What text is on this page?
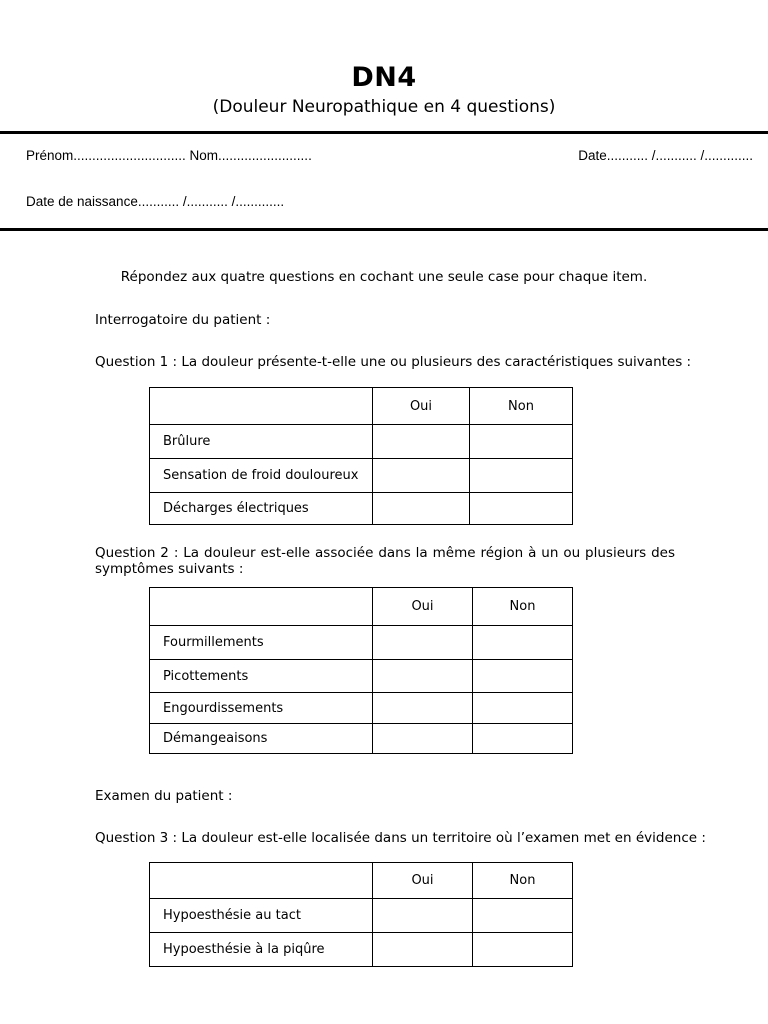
DN4
(Douleur Neuropathique en 4 questions)
Prénom.............................. Nom.........................	Date........... /........... /.............
Date de naissance........... /........... /.............
Répondez aux quatre questions en cochant une seule case pour chaque item.
Interrogatoire du patient :
Question 1 : La douleur présente-t-elle une ou plusieurs des caractéristiques suivantes :
	Oui	Non
Brûlure		
Sensation de froid douloureux		
Décharges électriques		
Question 2 : La douleur est-elle associée dans la même région à un ou plusieurs des symptômes suivants :
	Oui	Non
Fourmillements		
Picottements		
Engourdissements		
Démangeaisons		
Examen du patient :
Question 3 : La douleur est-elle localisée dans un territoire où l’examen met en évidence :
	Oui	Non
Hypoesthésie au tact		
Hypoesthésie à la piqûre		
